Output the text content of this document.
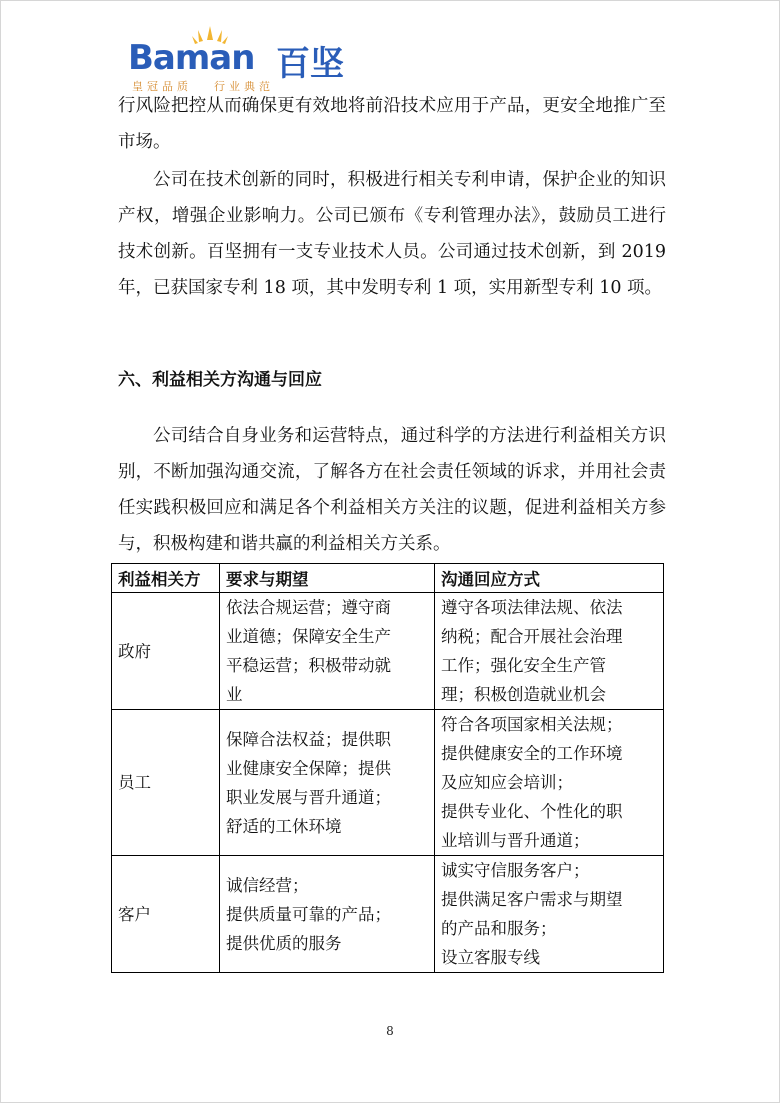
Baman 百坚
皇冠品质 行业典范

行风险把控从而确保更有效地将前沿技术应用于产品，更安全地推广至市场。

公司在技术创新的同时，积极进行相关专利申请，保护企业的知识产权，增强企业影响力。公司已颁布《专利管理办法》，鼓励员工进行技术创新。百坚拥有一支专业技术人员。公司通过技术创新，到 2019 年，已获国家专利 18 项，其中发明专利 1 项，实用新型专利 10 项。

六、利益相关方沟通与回应

公司结合自身业务和运营特点，通过科学的方法进行利益相关方识别，不断加强沟通交流，了解各方在社会责任领域的诉求，并用社会责任实践积极回应和满足各个利益相关方关注的议题，促进利益相关方参与，积极构建和谐共赢的利益相关方关系。

利益相关方	要求与期望	沟通回应方式
政府	依法合规运营；遵守商
业道德；保障安全生产
平稳运营；积极带动就
业	遵守各项法律法规、依法
纳税；配合开展社会治理
工作；强化安全生产管
理；积极创造就业机会

员工	保障合法权益；提供职
业健康安全保障；提供
职业发展与晋升通道；
舒适的工休环境	符合各项国家相关法规；
提供健康安全的工作环境
及应知应会培训；
提供专业化、个性化的职
业培训与晋升通道；

客户	诚信经营；
提供质量可靠的产品；
提供优质的服务	诚实守信服务客户；
提供满足客户需求与期望
的产品和服务；
设立客服专线
8
